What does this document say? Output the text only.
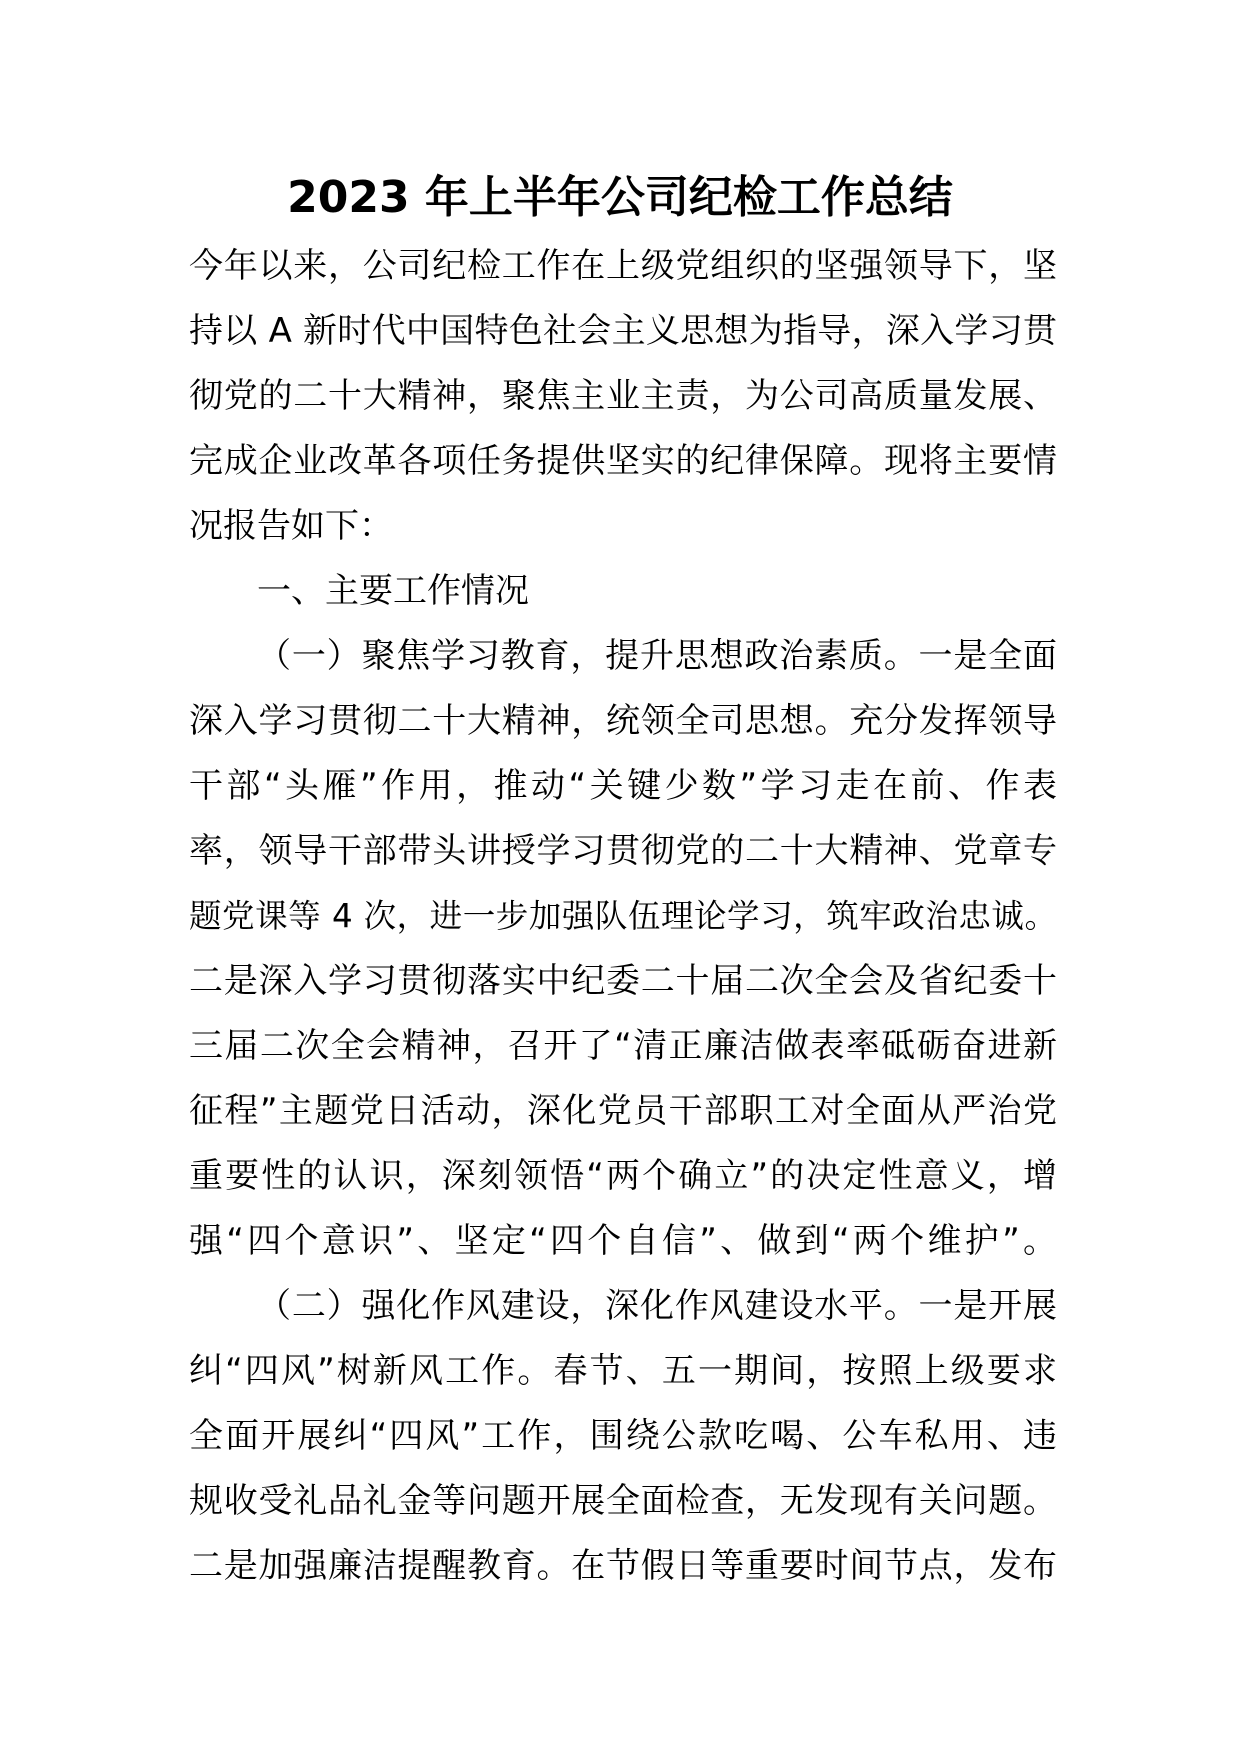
2023 年上半年公司纪检工作总结
今年以来，公司纪检工作在上级党组织的坚强领导下，坚
持以 A 新时代中国特色社会主义思想为指导，深入学习贯
彻党的二十大精神，聚焦主业主责，为公司高质量发展、
完成企业改革各项任务提供坚实的纪律保障。现将主要情
况报告如下：
一、主要工作情况
（一）聚焦学习教育，提升思想政治素质。一是全面
深入学习贯彻二十大精神，统领全司思想。充分发挥领导
干部“头雁”作用，推动“关键少数”学习走在前、作表
率，领导干部带头讲授学习贯彻党的二十大精神、党章专
题党课等 4 次，进一步加强队伍理论学习，筑牢政治忠诚。
二是深入学习贯彻落实中纪委二十届二次全会及省纪委十
三届二次全会精神，召开了“清正廉洁做表率砥砺奋进新
征程”主题党日活动，深化党员干部职工对全面从严治党
重要性的认识，深刻领悟“两个确立”的决定性意义，增
强“四个意识”、坚定“四个自信”、做到“两个维护”。
（二）强化作风建设，深化作风建设水平。一是开展
纠“四风”树新风工作。春节、五一期间，按照上级要求
全面开展纠“四风”工作，围绕公款吃喝、公车私用、违
规收受礼品礼金等问题开展全面检查，无发现有关问题。
二是加强廉洁提醒教育。在节假日等重要时间节点，发布
